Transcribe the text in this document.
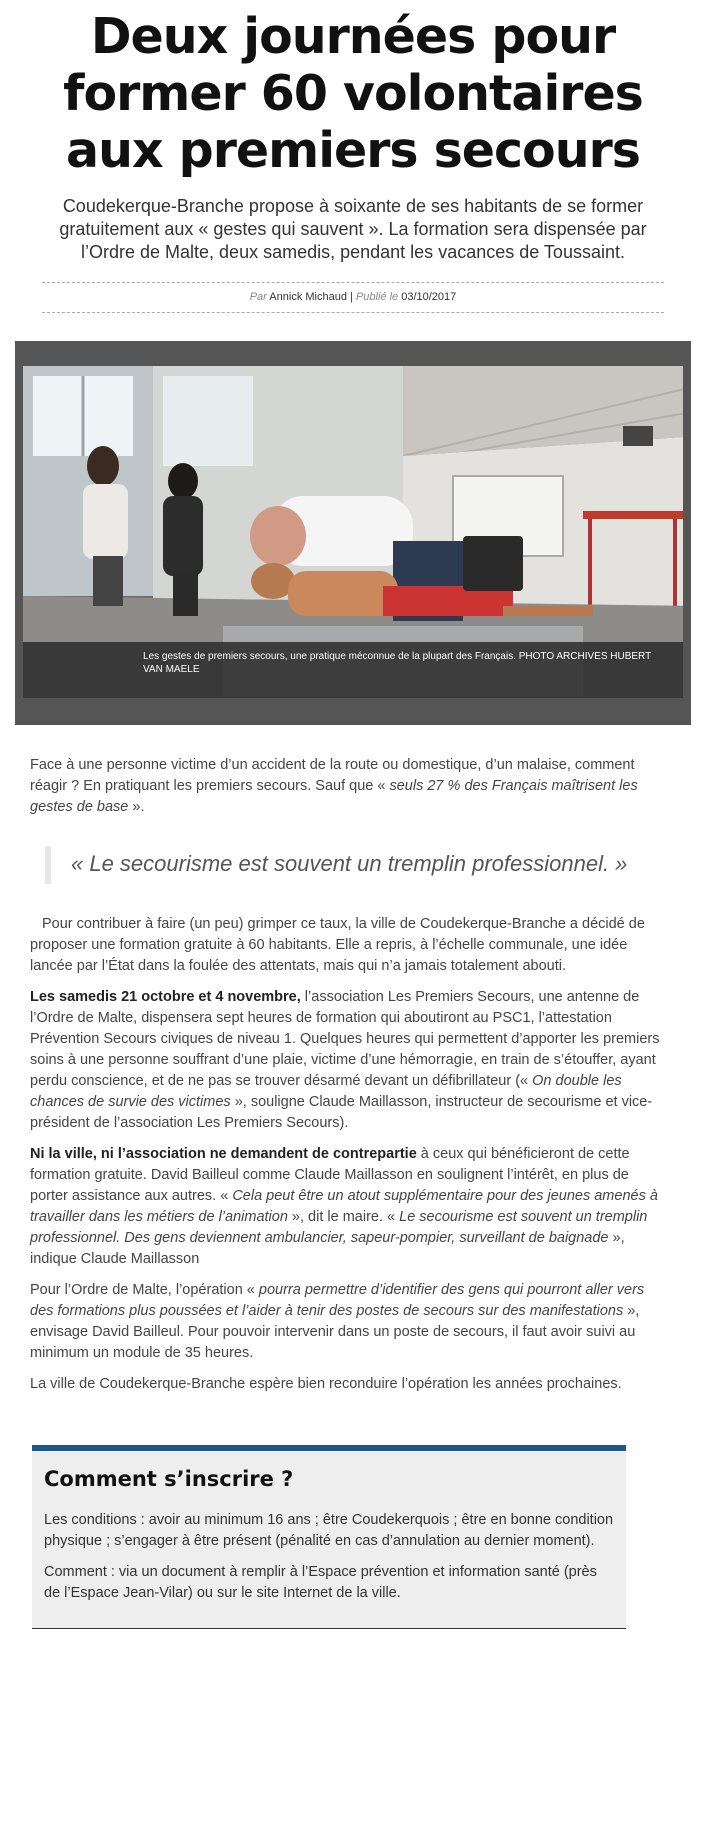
Deux journées pour former 60 volontaires aux premiers secours
Coudekerque-Branche propose à soixante de ses habitants de se former gratuitement aux « gestes qui sauvent ». La formation sera dispensée par l’Ordre de Malte, deux samedis, pendant les vacances de Toussaint.
Par Annick Michaud | Publié le 03/10/2017
Les gestes de premiers secours, une pratique méconnue de la plupart des Français. PHOTO ARCHIVES HUBERT VAN MAELE

Face à une personne victime d’un accident de la route ou domestique, d’un malaise, comment réagir ? En pratiquant les premiers secours. Sauf que « seuls 27 % des Français maîtrisent les gestes de base ».

« Le secourisme est souvent un tremplin professionnel. »

Pour contribuer à faire (un peu) grimper ce taux, la ville de Coudekerque-Branche a décidé de proposer une formation gratuite à 60 habitants. Elle a repris, à l’échelle communale, une idée lancée par l’État dans la foulée des attentats, mais qui n’a jamais totalement abouti.

Les samedis 21 octobre et 4 novembre, l’association Les Premiers Secours, une antenne de l’Ordre de Malte, dispensera sept heures de formation qui aboutiront au PSC1, l’attestation Prévention Secours civiques de niveau 1. Quelques heures qui permettent d’apporter les premiers soins à une personne souffrant d’une plaie, victime d’une hémorragie, en train de s’étouffer, ayant perdu conscience, et de ne pas se trouver désarmé devant un défibrillateur (« On double les chances de survie des victimes », souligne Claude Maillasson, instructeur de secourisme et vice-président de l’association Les Premiers Secours).

Ni la ville, ni l’association ne demandent de contrepartie à ceux qui bénéficieront de cette formation gratuite. David Bailleul comme Claude Maillasson en soulignent l’intérêt, en plus de porter assistance aux autres. « Cela peut être un atout supplémentaire pour des jeunes amenés à travailler dans les métiers de l’animation », dit le maire. « Le secourisme est souvent un tremplin professionnel. Des gens deviennent ambulancier, sapeur-pompier, surveillant de baignade », indique Claude Maillasson

Pour l’Ordre de Malte, l’opération « pourra permettre d’identifier des gens qui pourront aller vers des formations plus poussées et l’aider à tenir des postes de secours sur des manifestations », envisage David Bailleul. Pour pouvoir intervenir dans un poste de secours, il faut avoir suivi au minimum un module de 35 heures.

La ville de Coudekerque-Branche espère bien reconduire l’opération les années prochaines.

Comment s’inscrire ?

Les conditions : avoir au minimum 16 ans ; être Coudekerquois ; être en bonne condition physique ; s’engager à être présent (pénalité en cas d’annulation au dernier moment).

Comment : via un document à remplir à l’Espace prévention et information santé (près de l’Espace Jean-Vilar) ou sur le site Internet de la ville.
